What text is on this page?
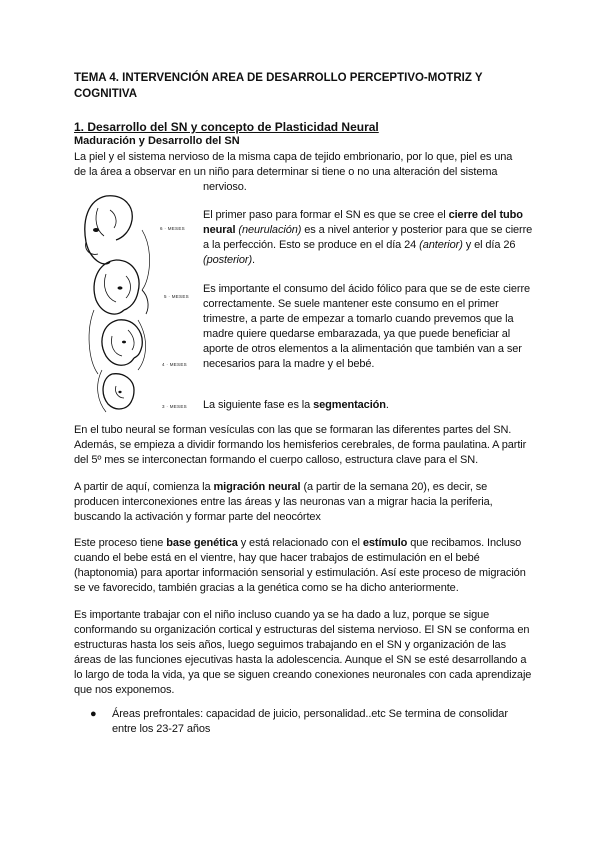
TEMA 4. INTERVENCIÓN AREA DE DESARROLLO PERCEPTIVO-MOTRIZ Y
COGNITIVA
1. Desarrollo del SN y concepto de Plasticidad Neural
Maduración y Desarrollo del SN
La piel y el sistema nervioso de la misma capa de tejido embrionario, por lo que, piel es una
de la área a observar en un niño para determinar si tiene o no una alteración del sistema
nervioso.
6 · MESES
5 · MESES
4 · MESES
3 · MESES

El primer paso para formar el SN es que se cree el cierre del tubo neural (neurulación) es a nivel anterior y posterior para que se cierre a la perfección. Esto se produce en el día 24 (anterior) y el día 26 (posterior).

Es importante el consumo del ácido fólico para que se de este cierre correctamente. Se suele mantener este consumo en el primer trimestre, a parte de empezar a tomarlo cuando prevemos que la madre quiere quedarse embarazada, ya que puede beneficiar al aporte de otros elementos a la alimentación que también van a ser necesarios para la madre y el bebé.
La siguiente fase es la segmentación.
En el tubo neural se forman vesículas con las que se formaran las diferentes partes del SN. Además, se empieza a dividir formando los hemisferios cerebrales, de forma paulatina. A partir del 5º mes se interconectan formando el cuerpo calloso, estructura clave para el SN.
A partir de aquí, comienza la migración neural (a partir de la semana 20), es decir, se producen interconexiones entre las áreas y las neuronas van a migrar hacia la periferia, buscando la activación y formar parte del neocórtex
Este proceso tiene base genética y está relacionado con el estímulo que recibamos. Incluso cuando el bebe está en el vientre, hay que hacer trabajos de estimulación en el bebé (haptonomia) para aportar información sensorial y estimulación. Así este proceso de migración se ve favorecido, también gracias a la genética como se ha dicho anteriormente.
Es importante trabajar con el niño incluso cuando ya se ha dado a luz, porque se sigue conformando su organización cortical y estructuras del sistema nervioso. El SN se conforma en estructuras hasta los seis años, luego seguimos trabajando en el SN y organización de las áreas de las funciones ejecutivas hasta la adolescencia. Aunque el SN se esté desarrollando a lo largo de toda la vida, ya que se siguen creando conexiones neuronales con cada aprendizaje que nos exponemos.
● Áreas prefrontales: capacidad de juicio, personalidad..etc Se termina de consolidar entre los 23-27 años
